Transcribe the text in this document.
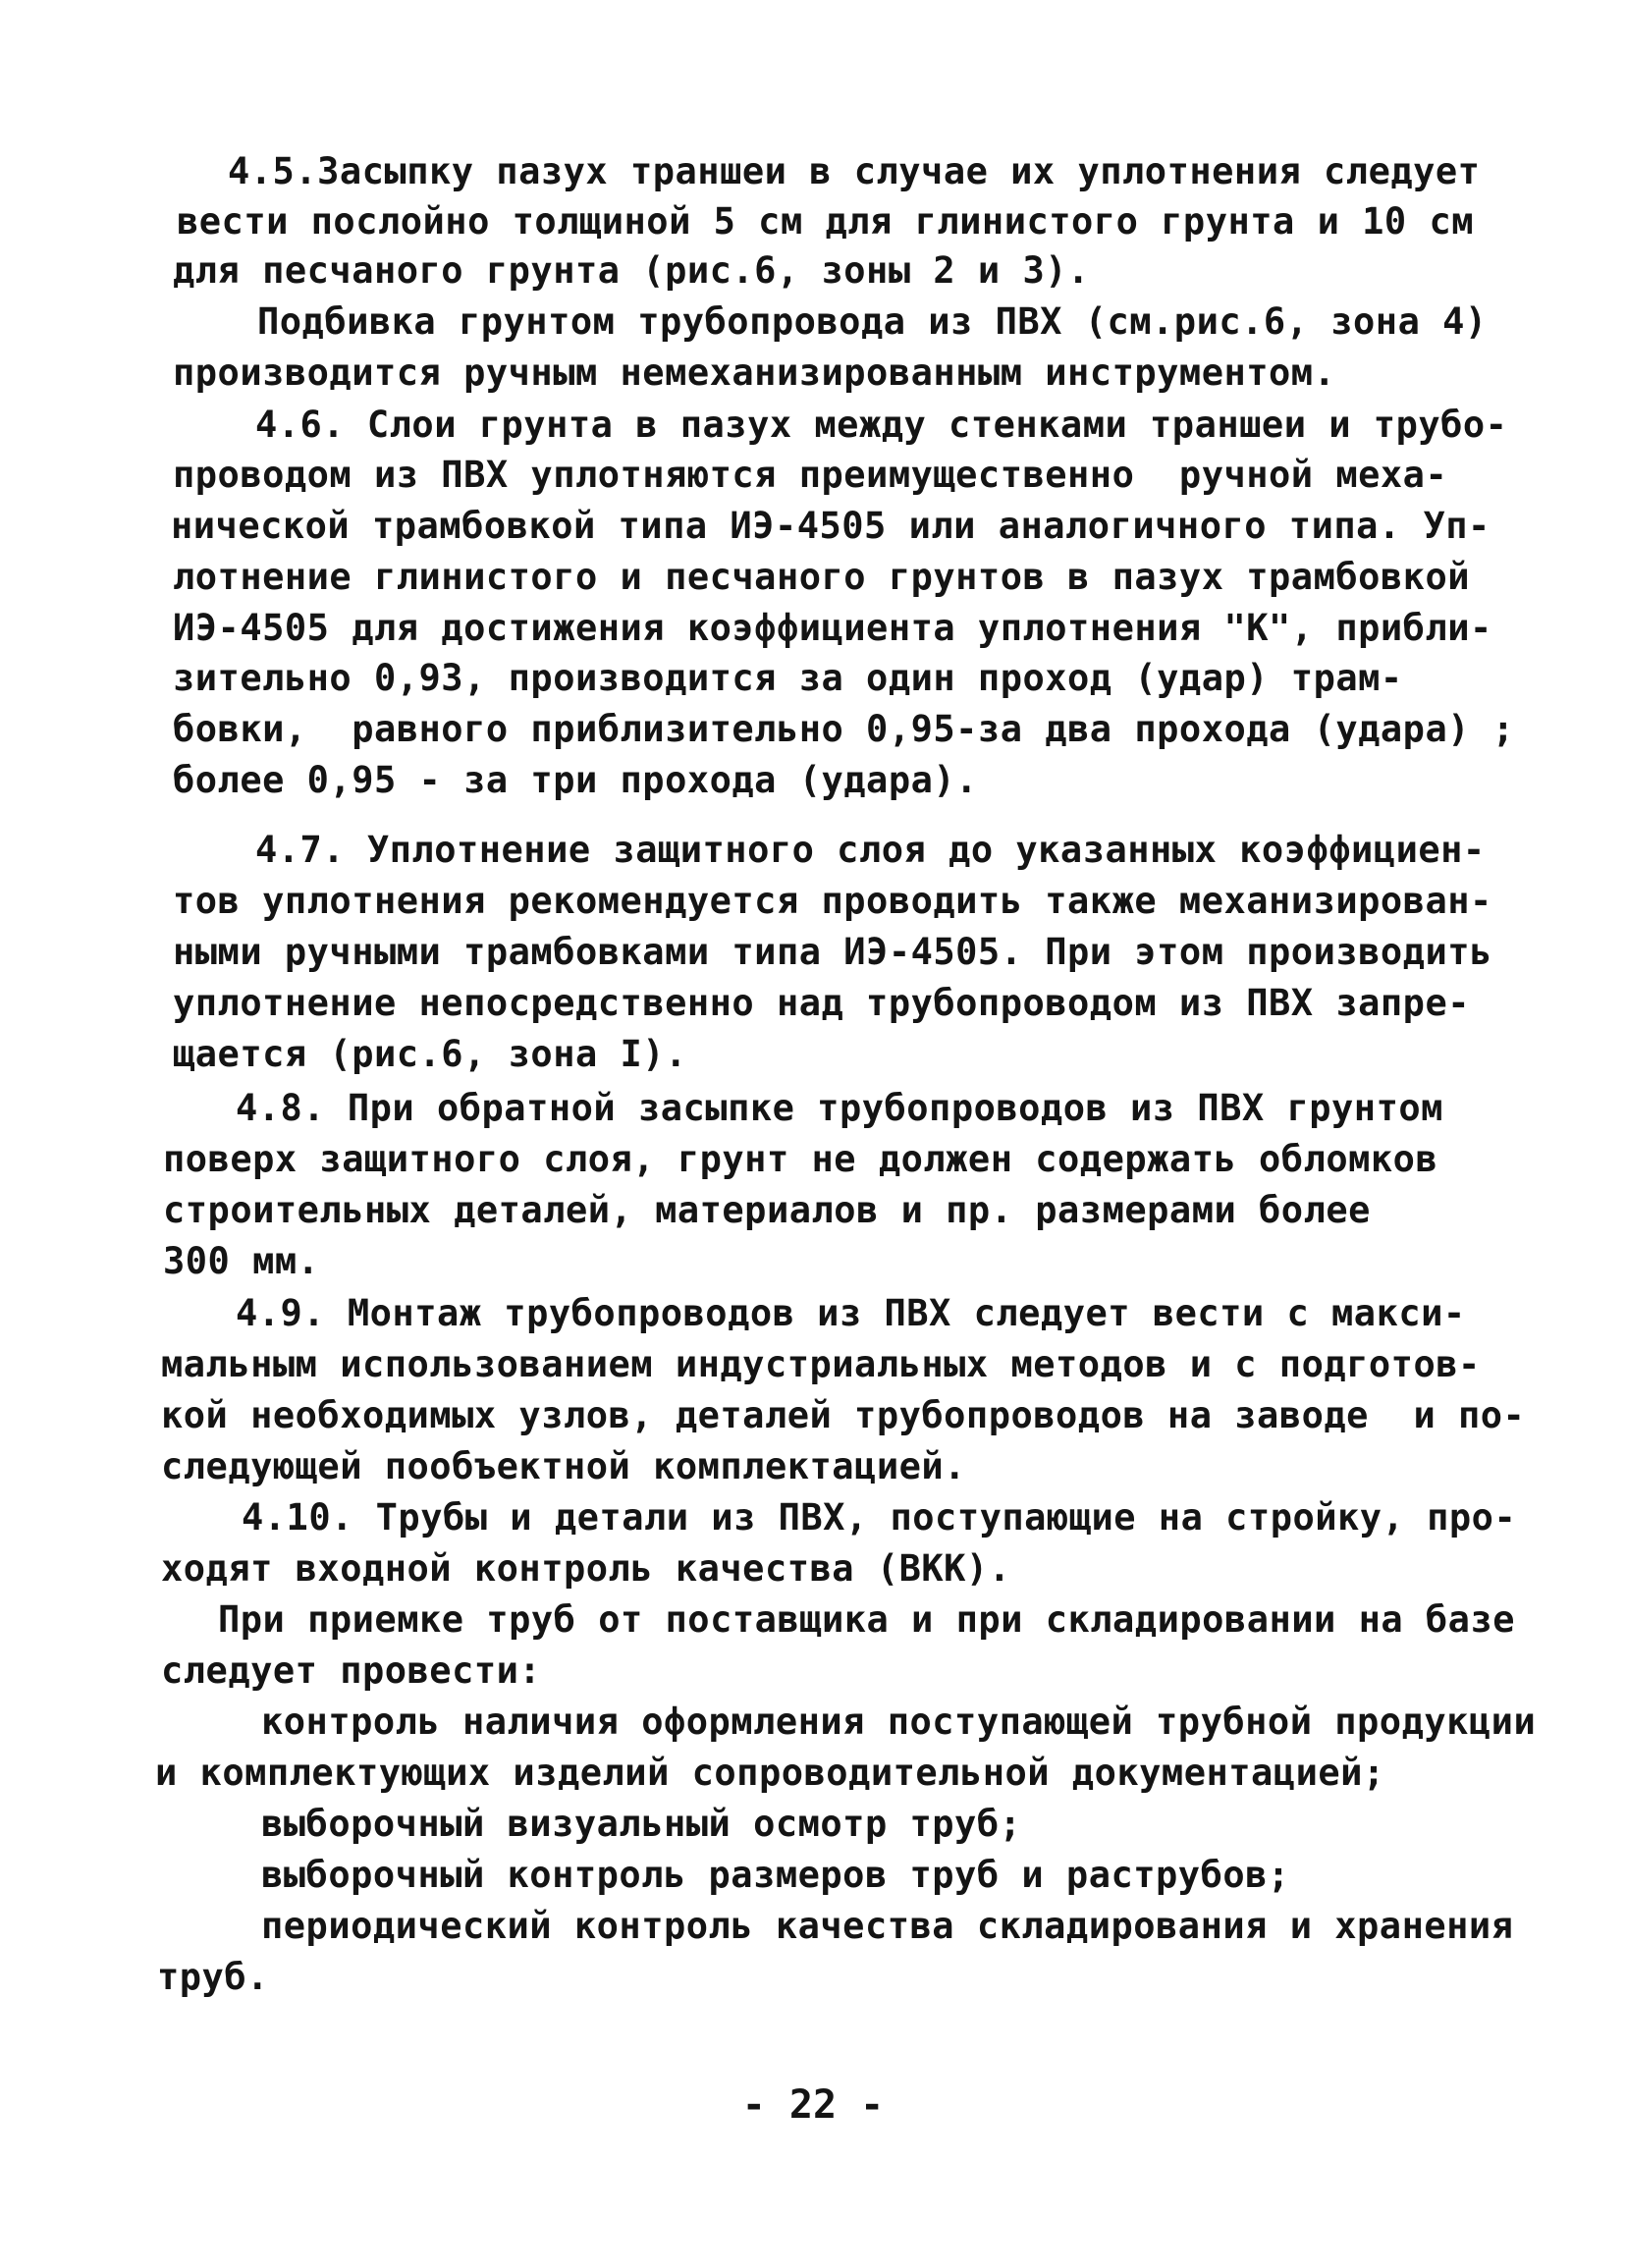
4.5.Засыпку пазух траншеи в случае их уплотнения следует
вести послойно толщиной 5 см для глинистого грунта и 10 см
для песчаного грунта (рис.6, зоны 2 и 3).
Подбивка грунтом трубопровода из ПВХ (см.рис.6, зона 4)
производится ручным немеханизированным инструментом.
4.6. Слои грунта в пазух между стенками траншеи и трубо-
проводом из ПВХ уплотняются преимущественно  ручной меха-
нической трамбовкой типа ИЭ-4505 или аналогичного типа. Уп-
лотнение глинистого и песчаного грунтов в пазух трамбовкой
ИЭ-4505 для достижения коэффициента уплотнения "К", прибли-
зительно 0,93, производится за один проход (удар) трам-
бовки,  равного приблизительно 0,95-за два прохода (удара) ;
более 0,95 - за три прохода (удара).
4.7. Уплотнение защитного слоя до указанных коэффициен-
тов уплотнения рекомендуется проводить также механизирован-
ными ручными трамбовками типа ИЭ-4505. При этом производить
уплотнение непосредственно над трубопроводом из ПВХ запре-
щается (рис.6, зона I).
4.8. При обратной засыпке трубопроводов из ПВХ грунтом
поверх защитного слоя, грунт не должен содержать обломков
строительных деталей, материалов и пр. размерами более
300 мм.
4.9. Монтаж трубопроводов из ПВХ следует вести с макси-
мальным использованием индустриальных методов и с подготов-
кой необходимых узлов, деталей трубопроводов на заводе  и по-
следующей пообъектной комплектацией.
4.10. Трубы и детали из ПВХ, поступающие на стройку, про-
ходят входной контроль качества (ВКК).
При приемке труб от поставщика и при складировании на базе
следует провести:
контроль наличия оформления поступающей трубной продукции
и комплектующих изделий сопроводительной документацией;
выборочный визуальный осмотр труб;
выборочный контроль размеров труб и раструбов;
периодический контроль качества складирования и хранения
труб.
- 22 -
